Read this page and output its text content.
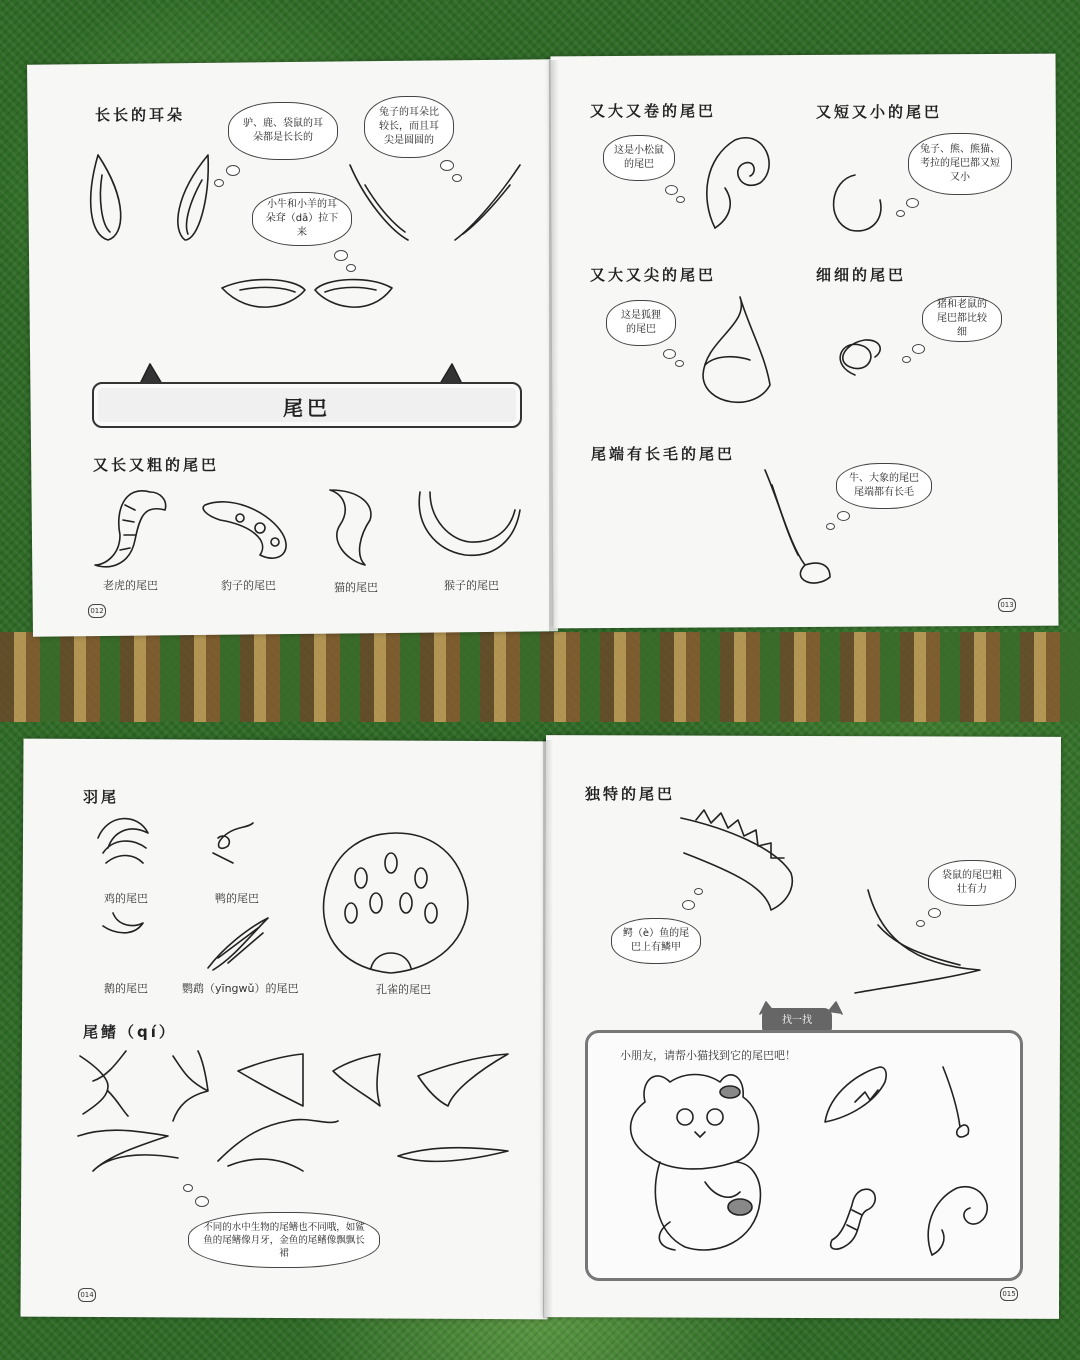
长长的耳朵	驴、鹿、袋鼠的耳朵都是长长的
兔子的耳朵比较长，而且耳尖是圆圆的
小牛和小羊的耳朵耷（dā）拉下来
尾巴
又长又粗的尾巴
老虎的尾巴	豹子的尾巴	猫的尾巴	猴子的尾巴
012
又大又卷的尾巴
这是小松鼠的尾巴
又短又小的尾巴
兔子、熊、熊猫、考拉的尾巴都又短又小
又大又尖的尾巴
这是狐狸的尾巴
细细的尾巴
猪和老鼠的尾巴都比较细
尾端有长毛的尾巴
牛、大象的尾巴尾端都有长毛
013
羽尾
鸡的尾巴	鸭的尾巴
鹅的尾巴	鹦鹉（yīngwǔ）的尾巴	孔雀的尾巴
尾鳍（qí）
不同的水中生物的尾鳍也不同哦，如鲨鱼的尾鳍像月牙，金鱼的尾鳍像飘飘长裙
014
独特的尾巴
鳄（è）鱼的尾巴上有鳞甲
袋鼠的尾巴粗壮有力
找一找
小朋友，请帮小猫找到它的尾巴吧！
015
